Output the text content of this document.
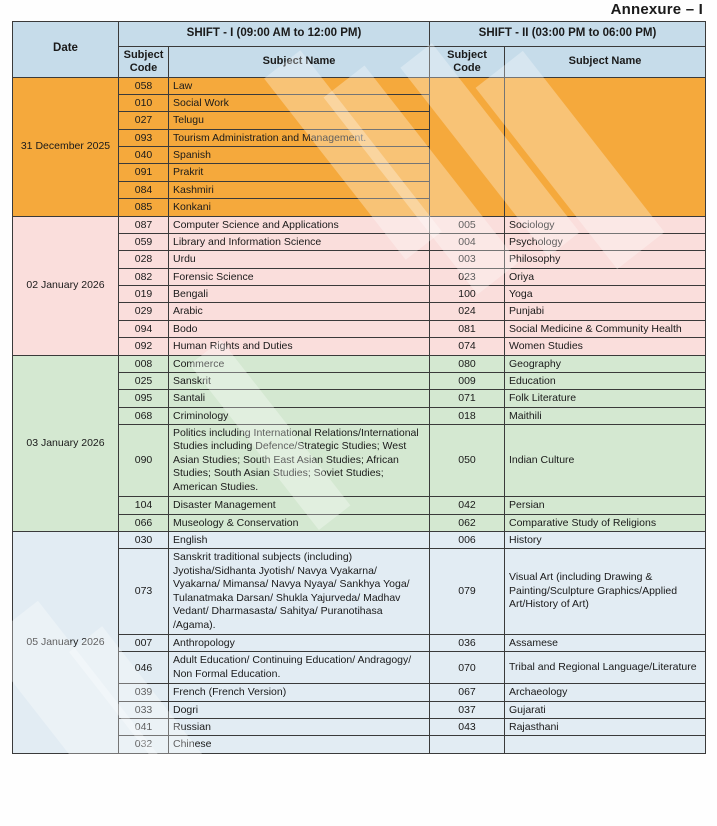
Annexure – I
Date	SHIFT - I (09:00 AM to 12:00 PM)		SHIFT - II (03:00 PM to 06:00 PM)	
	Subject Code	Subject Name	Subject Code	Subject Name
31 December 2025	058	Law		
	010	Social Work		
	027	Telugu		
	093	Tourism Administration and Management.		
	040	Spanish		
	091	Prakrit		
	084	Kashmiri		
	085	Konkani		
02 January 2026	087	Computer Science and Applications	005	Sociology
	059	Library and Information Science	004	Psychology
	028	Urdu	003	Philosophy
	082	Forensic Science	023	Oriya
	019	Bengali	100	Yoga
	029	Arabic	024	Punjabi
	094	Bodo	081	Social Medicine & Community Health
	092	Human Rights and Duties	074	Women Studies
03 January 2026	008	Commerce	080	Geography
	025	Sanskrit	009	Education
	095	Santali	071	Folk Literature
	068	Criminology	018	Maithili
	090	Politics including International Relations/International Studies including Defence/Strategic Studies; West Asian Studies; South East Asian Studies; African Studies; South Asian Studies; Soviet Studies; American Studies.	050	Indian Culture
	104	Disaster Management	042	Persian
	066	Museology & Conservation	062	Comparative Study of Religions
05 January 2026	030	English	006	History
	073	Sanskrit traditional subjects (including) Jyotisha/Sidhanta Jyotish/ Navya Vyakarna/ Vyakarna/ Mimansa/ Navya Nyaya/ Sankhya Yoga/ Tulanatmaka Darsan/ Shukla Yajurveda/ Madhav Vedant/ Dharmasasta/ Sahitya/ Puranotihasa /Agama).	079	Visual Art (including Drawing & Painting/Sculpture Graphics/Applied Art/History of Art)
	007	Anthropology	036	Assamese
	046	Adult Education/ Continuing Education/ Andragogy/ Non Formal Education.	070	Tribal and Regional Language/Literature
	039	French (French Version)	067	Archaeology
	033	Dogri	037	Gujarati
	041	Russian	043	Rajasthani
	032	Chinese		
